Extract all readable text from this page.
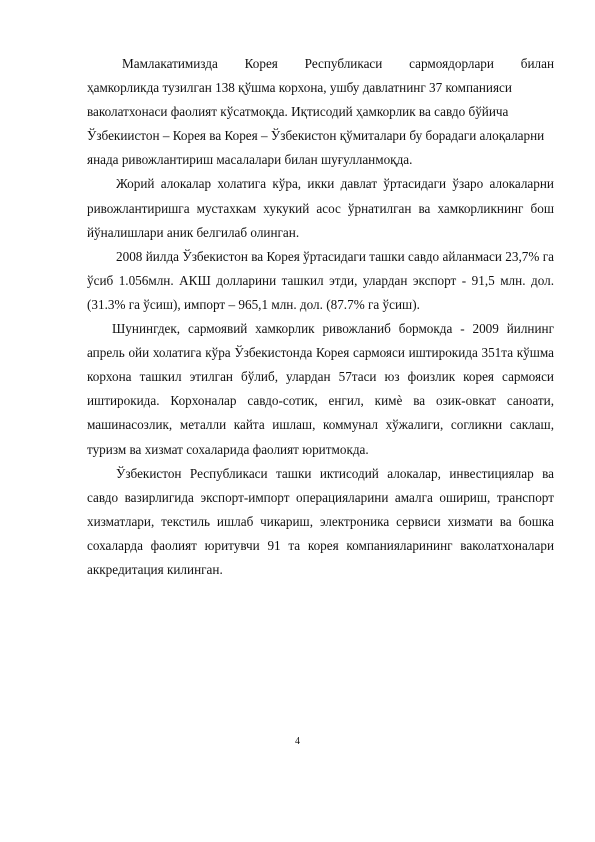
Мамлакатимизда Корея Республикаси сармоядорлари билан
ҳамкорликда тузилган 138 қўшма корхона, ушбу давлатнинг 37 компанияси ваколатхонаси фаолият кўсатмоқда. Иқтисодий ҳамкорлик ва савдо бўйича Ўзбекиистон – Корея ва Корея – Ўзбекистон қўмиталари бу борадаги алоқаларни янада ривожлантириш масалалари билан шуғулланмоқда.

Жорий алокалар холатига кўра, икки давлат ўртасидаги ўзаро алокаларни ривожлантиришга мустахкам хукукий асос ўрнатилган ва хамкорликнинг бош йўналишлари аник белгилаб олинган.

2008 йилда Ўзбекистон ва Корея ўртасидаги ташки савдо айланмаси 23,7% га ўсиб 1.056млн. АКШ долларини ташкил этди, улардан экспорт - 91,5 млн. дол. (31.3% га ўсиш), импорт – 965,1 млн. дол. (87.7% га ўсиш).

Шунингдек, сармоявий хамкорлик ривожланиб бормокда - 2009 йилнинг апрель ойи холатига кўра Ўзбекистонда Корея сармояси иштирокида 351та кўшма корхона ташкил этилган бўлиб, улардан 57таси юз фоизлик корея сармояси иштирокида. Корхоналар савдо-сотик, енгил, кимѐ ва озик-овкат саноати, машинасозлик, металли кайта ишлаш, коммунал хўжалиги, согликни саклаш, туризм ва хизмат сохаларида фаолият юритмокда.

Ўзбекистон Республикаси ташки иктисодий алокалар, инвестициялар ва савдо вазирлигида экспорт-импорт операцияларини амалга ошириш, транспорт хизматлари, текстиль ишлаб чикариш, электроника сервиси хизмати ва бошка сохаларда фаолият юритувчи 91 та корея компанияларининг ваколатхоналари аккредитация килинган.

4
